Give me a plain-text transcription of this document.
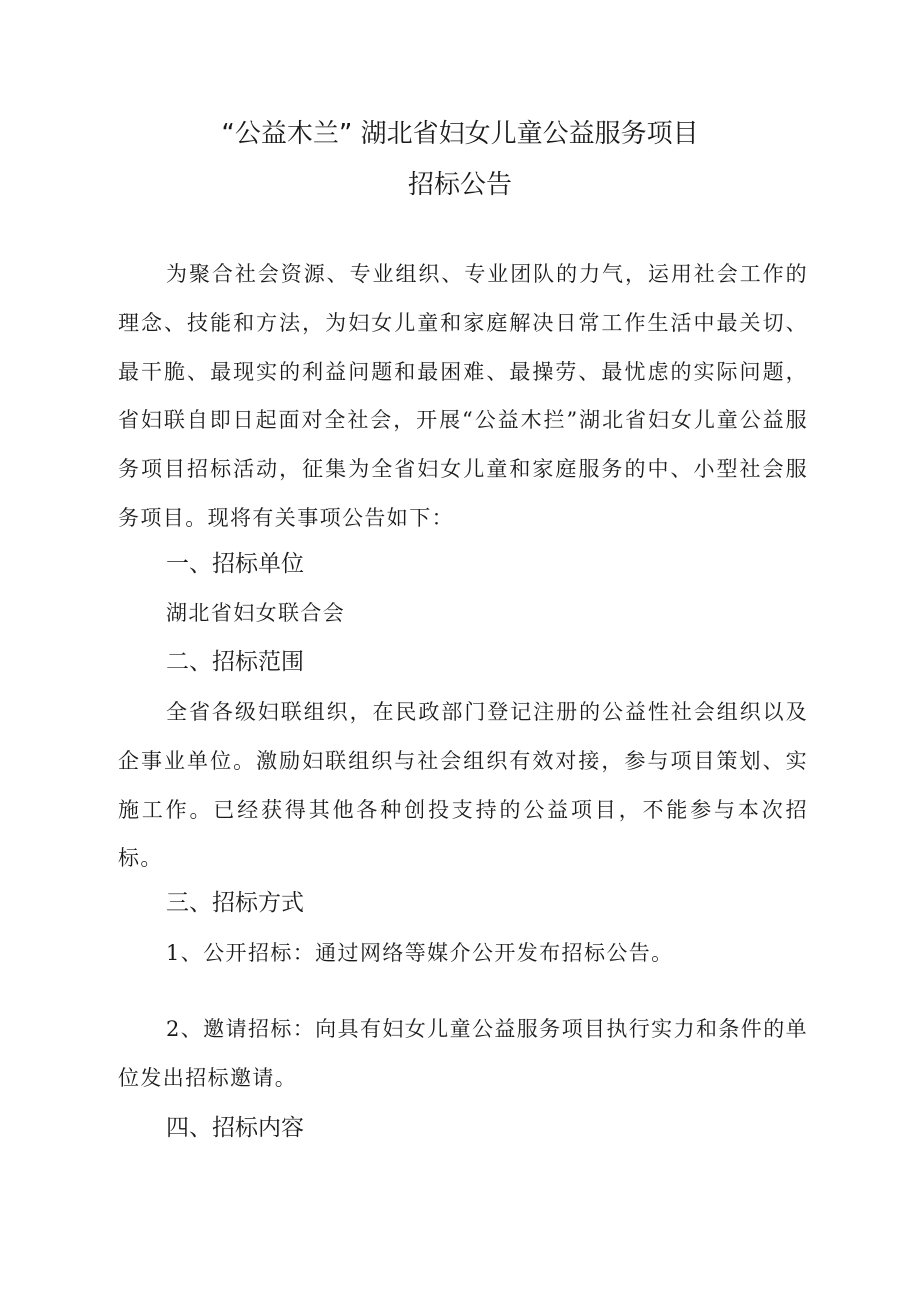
“公益木兰” 湖北省妇女儿童公益服务项目
招标公告
为聚合社会资源、专业组织、专业团队的力气，运用社会工作的理念、技能和方法，为妇女儿童和家庭解决日常工作生活中最关切、最干脆、最现实的利益问题和最困难、最操劳、最忧虑的实际问题，省妇联自即日起面对全社会，开展“公益木拦”湖北省妇女儿童公益服务项目招标活动，征集为全省妇女儿童和家庭服务的中、小型社会服务项目。现将有关事项公告如下：
一、招标单位
湖北省妇女联合会
二、招标范围
全省各级妇联组织，在民政部门登记注册的公益性社会组织以及企事业单位。激励妇联组织与社会组织有效对接，参与项目策划、实施工作。已经获得其他各种创投支持的公益项目，不能参与本次招标。
三、招标方式
1、公开招标：通过网络等媒介公开发布招标公告。
2、邀请招标：向具有妇女儿童公益服务项目执行实力和条件的单位发出招标邀请。
四、招标内容
